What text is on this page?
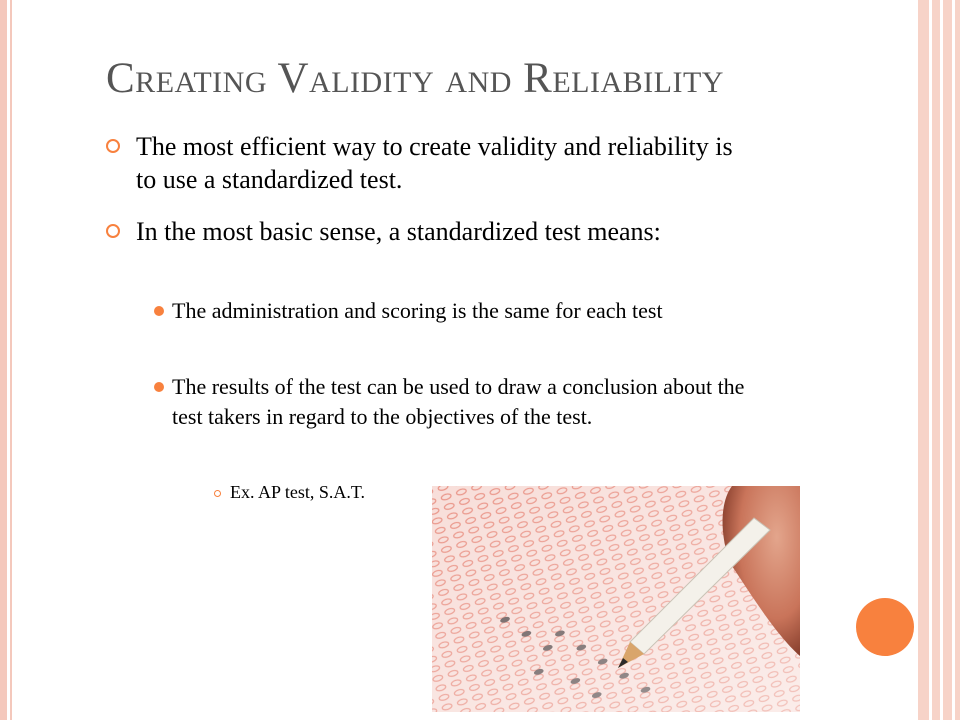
Creating Validity and Reliability
The most efficient way to create validity and reliability is to use a standardized test.
In the most basic sense, a standardized test means:
The administration and scoring is the same for each test
The results of the test can be used to draw a conclusion about the test takers in regard to the objectives of the test.
Ex. AP test, S.A.T.
